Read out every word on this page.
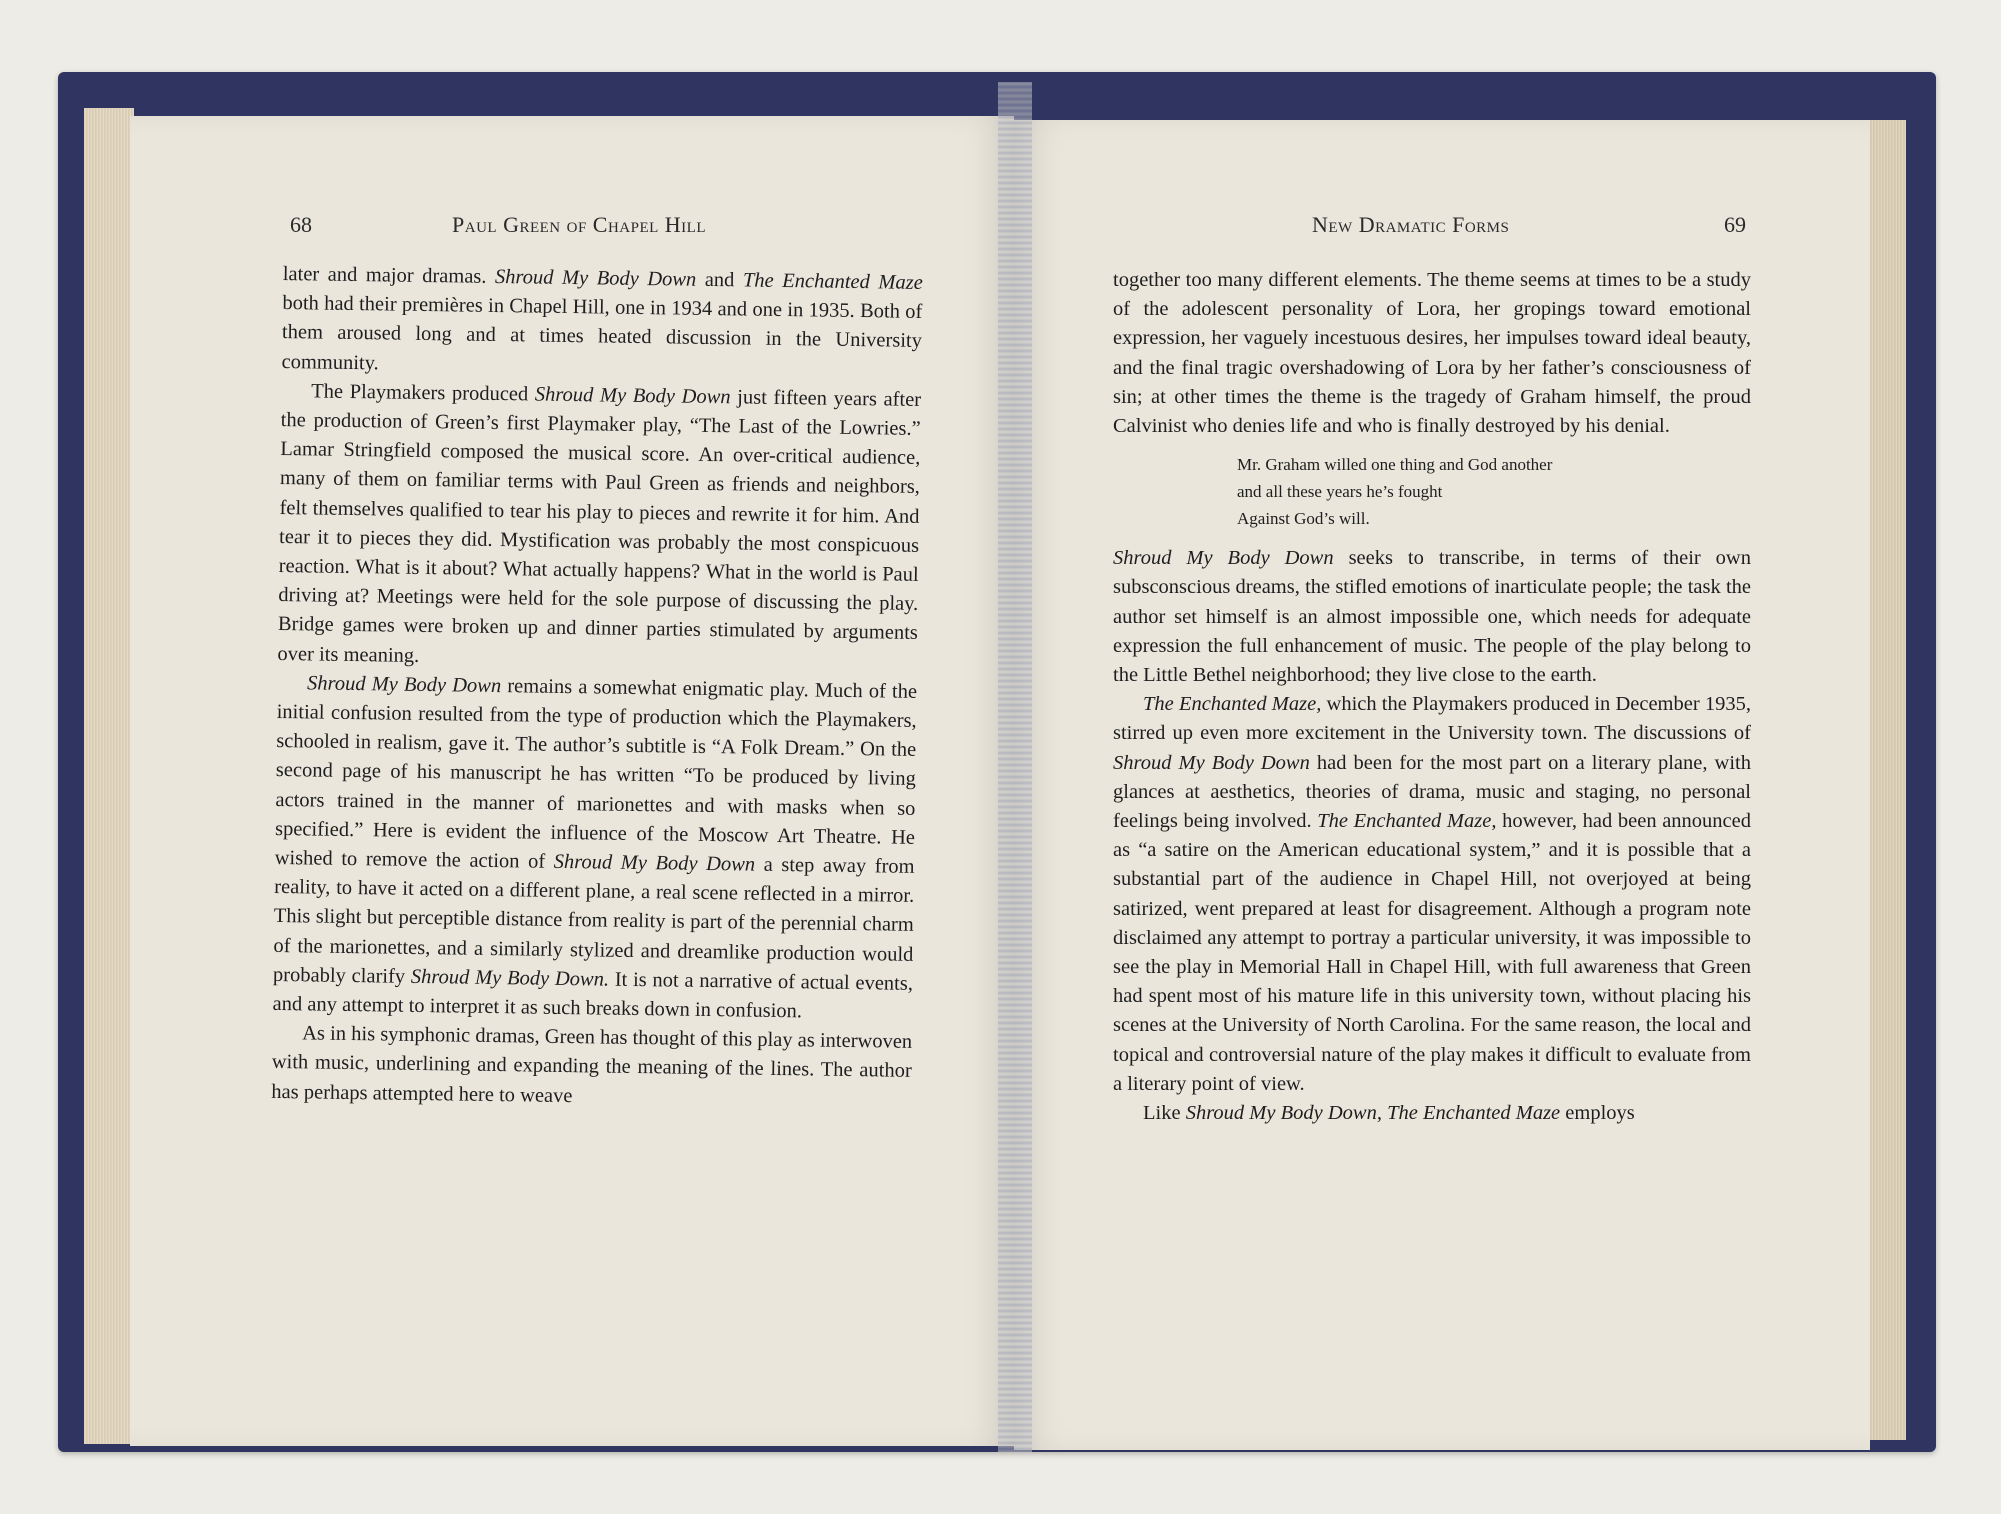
68	Paul Green of Chapel Hill	New Dramatic Forms	69

later and major dramas. Shroud My Body Down and The Enchanted Maze both had their premières in Chapel Hill, one in 1934 and one in 1935. Both of them aroused long and at times heated discussion in the University community.

The Playmakers produced Shroud My Body Down just fifteen years after the production of Green’s first Playmaker play, “The Last of the Lowries.” Lamar Stringfield composed the musical score. An over-critical audience, many of them on familiar terms with Paul Green as friends and neighbors, felt themselves qualified to tear his play to pieces and rewrite it for him. And tear it to pieces they did. Mystification was probably the most conspicuous reaction. What is it about? What actually happens? What in the world is Paul driving at? Meetings were held for the sole purpose of discussing the play. Bridge games were broken up and dinner parties stimulated by arguments over its meaning.

Shroud My Body Down remains a somewhat enigmatic play. Much of the initial confusion resulted from the type of production which the Playmakers, schooled in realism, gave it. The author’s subtitle is “A Folk Dream.” On the second page of his manuscript he has written “To be produced by living actors trained in the manner of marionettes and with masks when so specified.” Here is evident the influence of the Moscow Art Theatre. He wished to remove the action of Shroud My Body Down a step away from reality, to have it acted on a different plane, a real scene reflected in a mirror. This slight but perceptible distance from reality is part of the perennial charm of the marionettes, and a similarly stylized and dreamlike production would probably clarify Shroud My Body Down. It is not a narrative of actual events, and any attempt to interpret it as such breaks down in confusion.

As in his symphonic dramas, Green has thought of this play as interwoven with music, underlining and expanding the meaning of the lines. The author has perhaps attempted here to weave

together too many different elements. The theme seems at times to be a study of the adolescent personality of Lora, her gropings toward emotional expression, her vaguely incestuous desires, her impulses toward ideal beauty, and the final tragic overshadowing of Lora by her father’s consciousness of sin; at other times the theme is the tragedy of Graham himself, the proud Calvinist who denies life and who is finally destroyed by his denial.

Mr. Graham willed one thing and God another
and all these years he’s fought
Against God’s will.

Shroud My Body Down seeks to transcribe, in terms of their own subsconscious dreams, the stifled emotions of inarticulate people; the task the author set himself is an almost impossible one, which needs for adequate expression the full enhancement of music. The people of the play belong to the Little Bethel neighborhood; they live close to the earth.

The Enchanted Maze, which the Playmakers produced in December 1935, stirred up even more excitement in the University town. The discussions of Shroud My Body Down had been for the most part on a literary plane, with glances at aesthetics, theories of drama, music and staging, no personal feelings being involved. The Enchanted Maze, however, had been announced as “a satire on the American educational system,” and it is possible that a substantial part of the audience in Chapel Hill, not overjoyed at being satirized, went prepared at least for disagreement. Although a program note disclaimed any attempt to portray a particular university, it was impossible to see the play in Memorial Hall in Chapel Hill, with full awareness that Green had spent most of his mature life in this university town, without placing his scenes at the University of North Carolina. For the same reason, the local and topical and controversial nature of the play makes it difficult to evaluate from a literary point of view.

Like Shroud My Body Down, The Enchanted Maze employs
